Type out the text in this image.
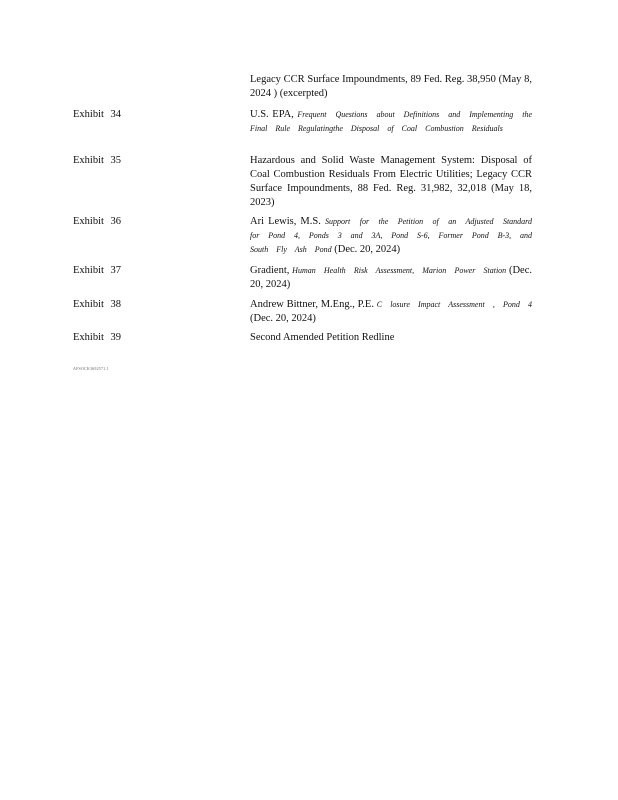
Legacy CCR Surface Impoundments, 89 Fed. Reg. 38,950 (May 8, 2024 ) (excerpted)
Exhibit 34	U.S. EPA, Frequent Questions about Definitions and Implementing the Final Rule Regulatingthe Disposal of Coal Combustion Residuals
Exhibit 35	Hazardous and Solid Waste Management System: Disposal of Coal Combustion Residuals From Electric Utilities; Legacy CCR Surface Impoundments, 88 Fed. Reg. 31,982, 32,018 (May 18, 2023)
Exhibit 36	Ari Lewis, M.S. Support for the Petition of an Adjusted Standard for Pond 4, Ponds 3 and 3A, Pond S-6, Former Pond B-3, and South Fly Ash Pond (Dec. 20, 2024)
Exhibit 37	Gradient, Human Health Risk Assessment, Marion Power Station (Dec. 20, 2024)
Exhibit 38	Andrew Bittner, M.Eng., P.E. C losure Impact Assessment , Pond 4 (Dec. 20, 2024)
Exhibit 39	Second Amended Petition Redline
AFSOCK3692571.1
